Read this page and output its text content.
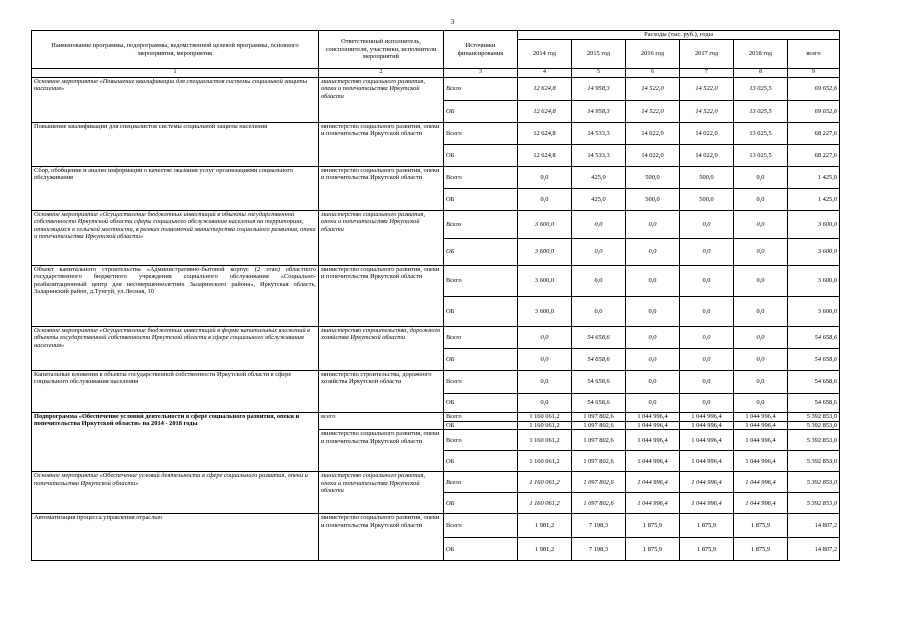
3
Наименование программы, подпрограммы, ведомственной целевой программы, основного мероприятия, мероприятия	Ответственный исполнитель, соисполнители, участники, исполнители мероприятий	Источники финансирования	Расходы (тыс. руб.), годы					
			2014 год	2015 год	2016 год	2017 год	2018 год	всего
1	2	3	4	5	6	7	8	9
Основное мероприятие «Повышение квалификации для специалистов системы социальной защиты населения»	министерство социального развития, опеки и попечительства Иркутской области	Всего	12 624,8	14 958,3	14 522,0	14 522,0	13 025,5	69 652,6
		ОБ	12 624,8	14 958,3	14 522,0	14 522,0	13 025,5	69 652,6
Повышение квалификации для специалистов системы социальной защиты населения	министерство социального развития, опеки и попечительства Иркутской области	Всего	12 624,8	14 533,3	14 022,0	14 022,0	13 025,5	68 227,6
		ОБ	12 624,8	14 533,3	14 022,0	14 022,0	13 025,5	68 227,6
Сбор, обобщение и анализ информации о качестве оказания услуг организациями социального обслуживания	министерство социального развития, опеки и попечительства Иркутской области	Всего	0,0	425,0	500,0	500,0	0,0	1 425,0
		ОБ	0,0	425,0	500,0	500,0	0,0	1 425,0
Основное мероприятие «Осуществление бюджетных инвестиций в объекты государственной собственности Иркутской области сферы социального обслуживания населения на территориях, относящихся к сельской местности, в рамках полномочий министерства социального развития, опеки и попечительства Иркутской области»	министерство социального развития, опеки и попечительства Иркутской области	Всего	3 600,0	0,0	0,0	0,0	0,0	3 600,0
		ОБ	3 600,0	0,0	0,0	0,0	0,0	3 600,0
Объект капитального строительства «Административно-бытовой корпус (2 этап) областного государственного бюджетного учреждения социального обслуживания «Социально-реабилитационный центр для несовершеннолетних Заларинского района», Иркутская область, Заларинский район, д.Тунгуй, ул.Лесная, 10	министерство социального развития, опеки и попечительства Иркутской области	Всего	3 600,0	0,0	0,0	0,0	0,0	3 600,0
		ОБ	3 600,0	0,0	0,0	0,0	0,0	3 600,0
Основное мероприятие «Осуществление бюджетных инвестиций в форме капитальных вложений в объекты государственной собственности Иркутской области в сфере социального обслуживания населения»	министерство строительства, дорожного хозяйства Иркутской области	Всего	0,0	54 658,6	0,0	0,0	0,0	54 658,6
		ОБ	0,0	54 658,6	0,0	0,0	0,0	54 658,6
Капитальные вложения в объекты государственной собственности Иркутской области в сфере социального обслуживания населения	министерство строительства, дорожного хозяйства Иркутской области	Всего	0,0	54 658,6	0,0	0,0	0,0	54 658,6
		ОБ	0,0	54 658,6	0,0	0,0	0,0	54 658,6
Подпрограмма «Обеспечение условий деятельности в сфере социального развития, опеки и попечительства Иркутской области» на 2014 - 2018 годы	всего	Всего	1 160 061,2	1 097 802,6	1 044 996,4	1 044 996,4	1 044 996,4	5 392 853,0
		ОБ	1 160 061,2	1 097 802,6	1 044 996,4	1 044 996,4	1 044 996,4	5 392 853,0
	министерство социального развития, опеки и попечительства Иркутской области	Всего	1 160 061,2	1 097 802,6	1 044 996,4	1 044 996,4	1 044 996,4	5 392 853,0
		ОБ	1 160 061,2	1 097 802,6	1 044 996,4	1 044 996,4	1 044 996,4	5 392 853,0
Основное мероприятие «Обеспечение условий деятельности в сфере социального развития, опеки и попечительства Иркутской области»	министерство социального развития, опеки и попечительства Иркутской области	Всего	1 160 061,2	1 097 802,6	1 044 996,4	1 044 996,4	1 044 996,4	5 392 853,0
		ОБ	1 160 061,2	1 097 802,6	1 044 996,4	1 044 996,4	1 044 996,4	5 392 853,0
Автоматизация процесса управления отраслью	министерство социального развития, опеки и попечительства Иркутской области	Всего	1 981,2	7 198,3	1 875,9	1 875,9	1 875,9	14 807,2
		ОБ	1 981,2	7 198,3	1 875,9	1 875,9	1 875,9	14 807,2
